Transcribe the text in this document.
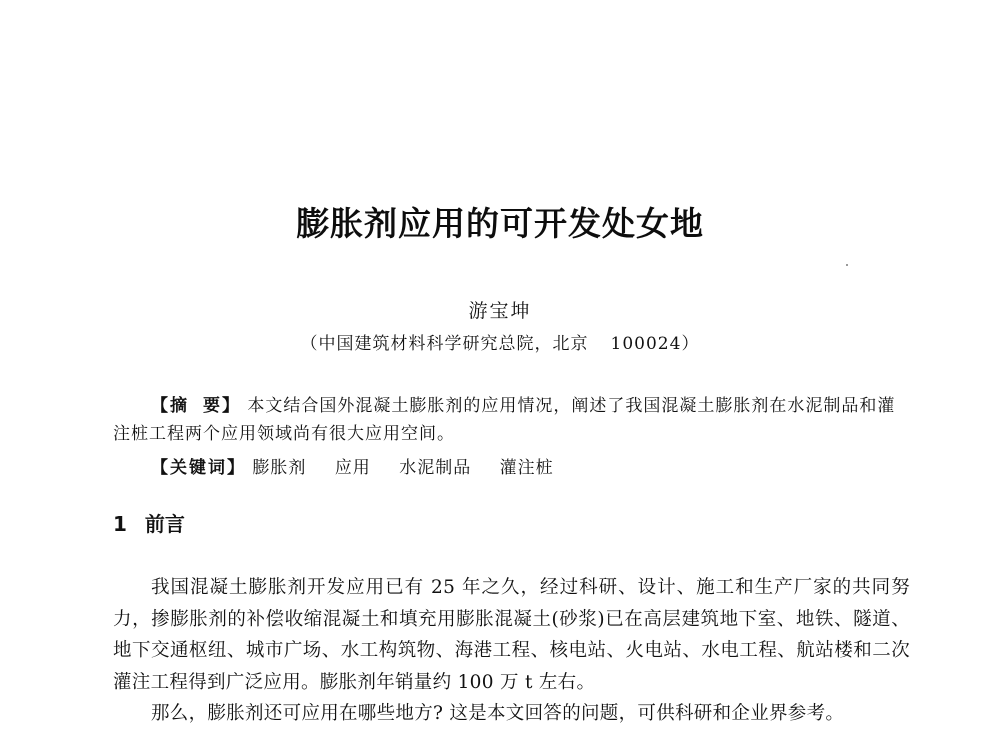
膨胀剂应用的可开发处女地
游宝坤
（中国建筑材料科学研究总院，北京 100024）
【摘 要】 本文结合国外混凝土膨胀剂的应用情况，阐述了我国混凝土膨胀剂在水泥制品和灌注桩工程两个应用领域尚有很大应用空间。
【关键词】 膨胀剂 应用 水泥制品 灌注桩
1 前言

我国混凝土膨胀剂开发应用已有 25 年之久，经过科研、设计、施工和生产厂家的共同努力，掺膨胀剂的补偿收缩混凝土和填充用膨胀混凝土(砂浆)已在高层建筑地下室、地铁、隧道、地下交通枢纽、城市广场、水工构筑物、海港工程、核电站、火电站、水电工程、航站楼和二次灌注工程得到广泛应用。膨胀剂年销量约 100 万 t 左右。

那么，膨胀剂还可应用在哪些地方? 这是本文回答的问题，可供科研和企业界参考。
